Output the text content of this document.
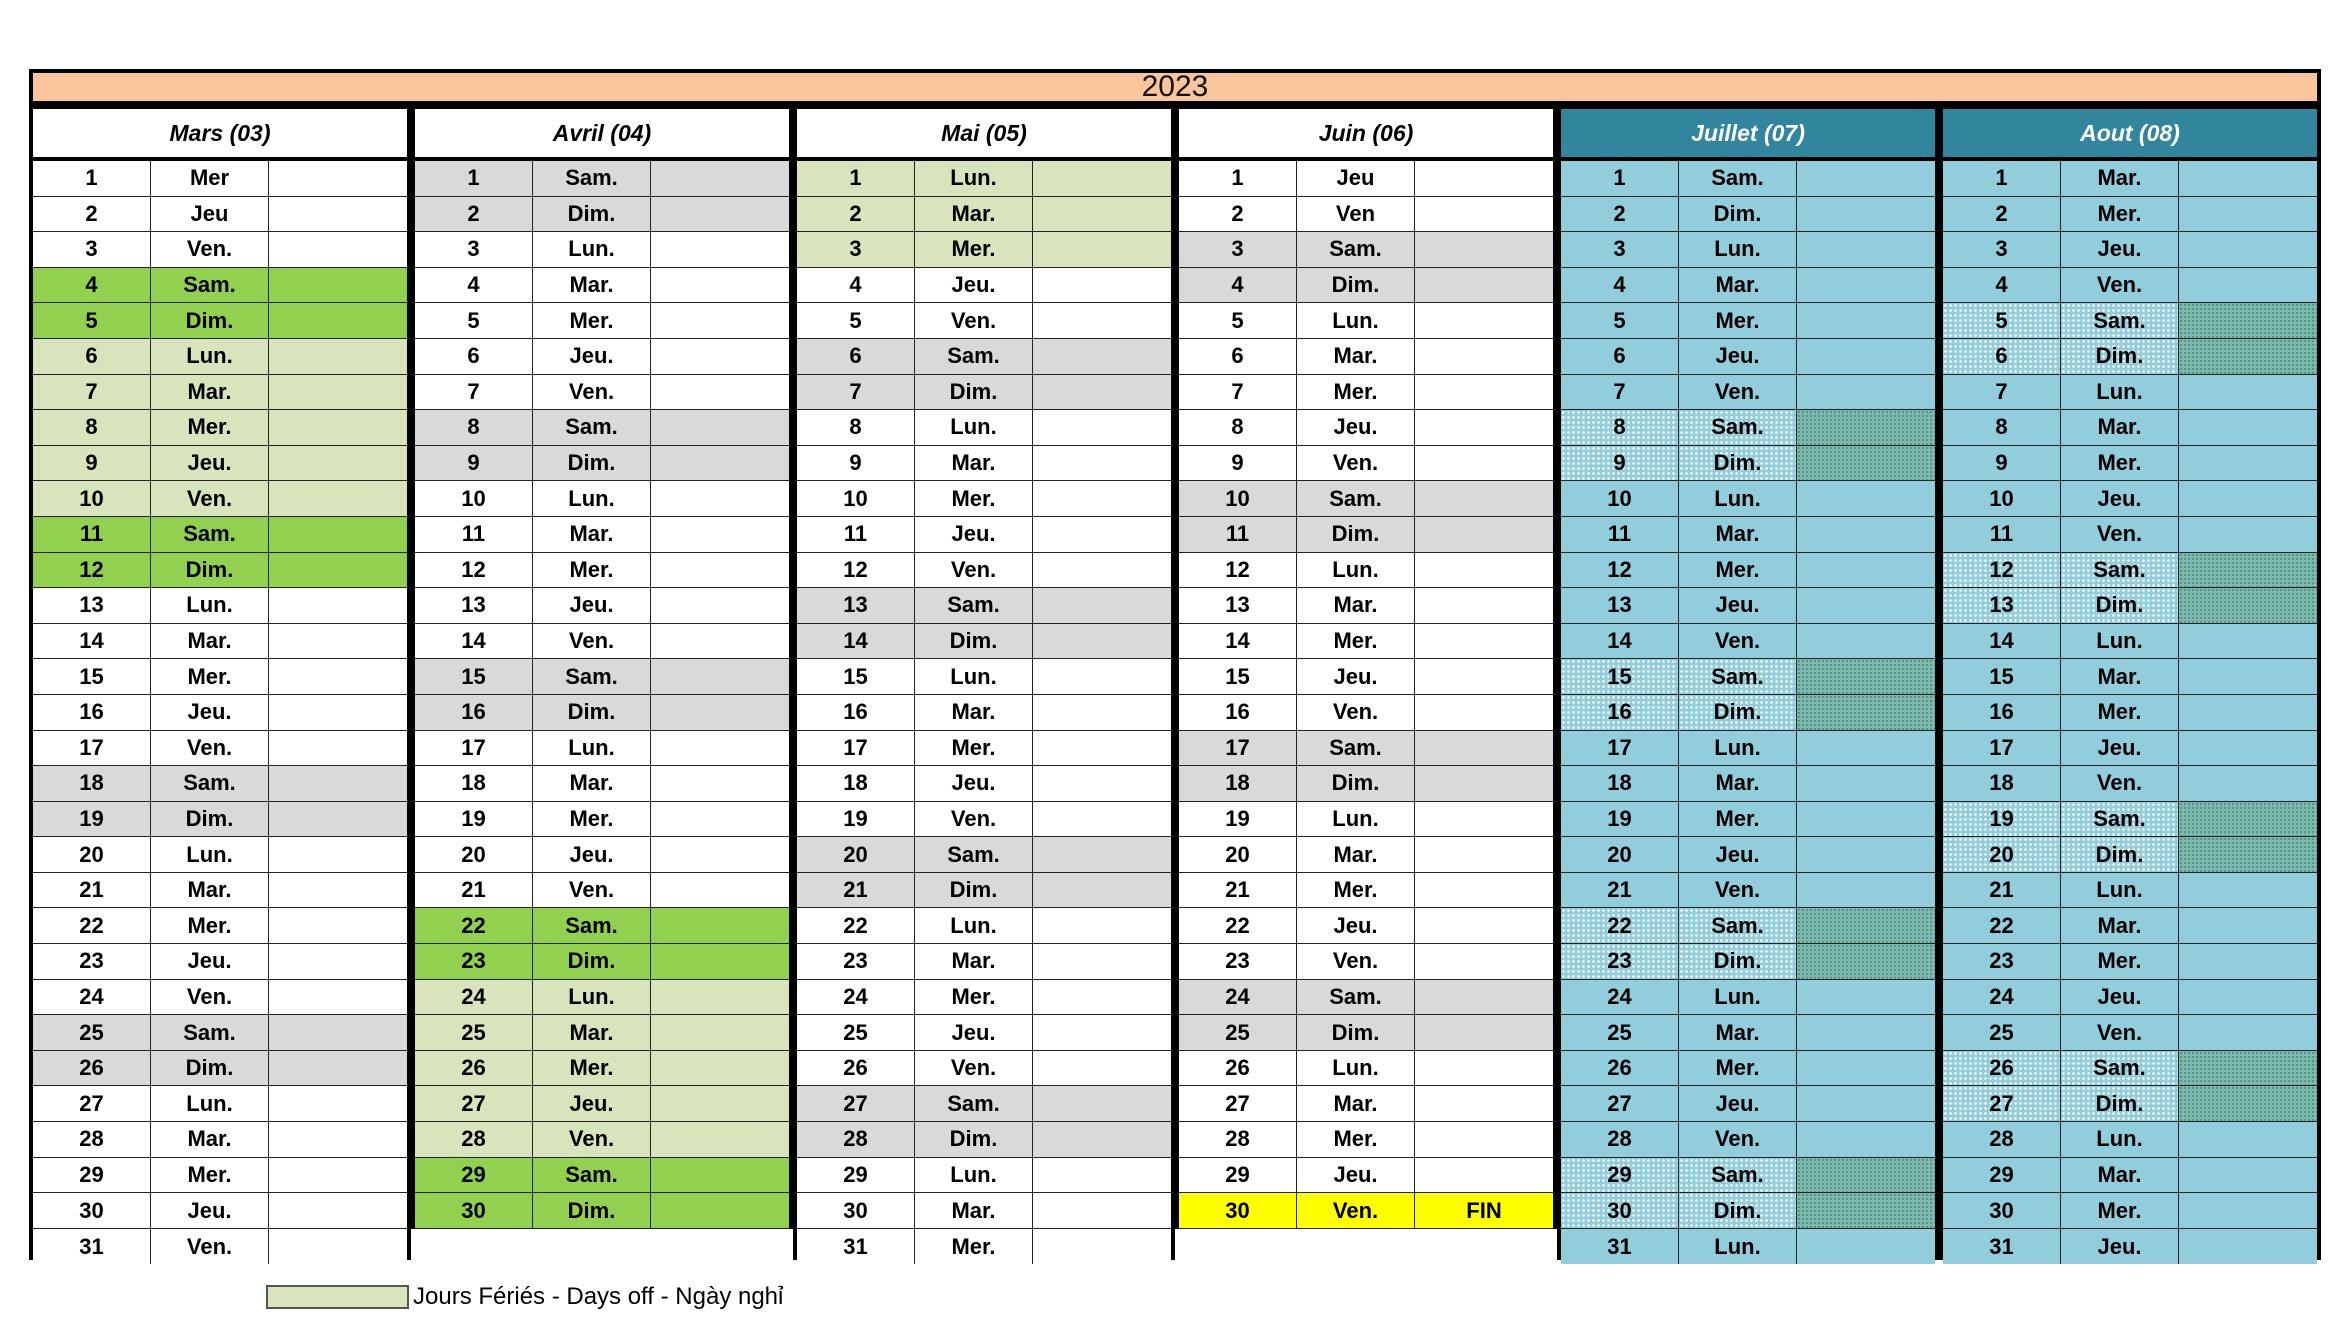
2023
Mars (03)
1	Mer
2	Jeu
3	Ven.
4	Sam.
5	Dim.
6	Lun.
7	Mar.
8	Mer.
9	Jeu.
10	Ven.
11	Sam.
12	Dim.
13	Lun.
14	Mar.
15	Mer.
16	Jeu.
17	Ven.
18	Sam.
19	Dim.
20	Lun.
21	Mar.
22	Mer.
23	Jeu.
24	Ven.
25	Sam.
26	Dim.
27	Lun.
28	Mar.
29	Mer.
30	Jeu.
31	Ven.
Avril (04)
1	Sam.
2	Dim.
3	Lun.
4	Mar.
5	Mer.
6	Jeu.
7	Ven.
8	Sam.
9	Dim.
10	Lun.
11	Mar.
12	Mer.
13	Jeu.
14	Ven.
15	Sam.
16	Dim.
17	Lun.
18	Mar.
19	Mer.
20	Jeu.
21	Ven.
22	Sam.
23	Dim.
24	Lun.
25	Mar.
26	Mer.
27	Jeu.
28	Ven.
29	Sam.
30	Dim.
Mai (05)
1	Lun.
2	Mar.
3	Mer.
4	Jeu.
5	Ven.
6	Sam.
7	Dim.
8	Lun.
9	Mar.
10	Mer.
11	Jeu.
12	Ven.
13	Sam.
14	Dim.
15	Lun.
16	Mar.
17	Mer.
18	Jeu.
19	Ven.
20	Sam.
21	Dim.
22	Lun.
23	Mar.
24	Mer.
25	Jeu.
26	Ven.
27	Sam.
28	Dim.
29	Lun.
30	Mar.
31	Mer.
Juin (06)
1	Jeu
2	Ven
3	Sam.
4	Dim.
5	Lun.
6	Mar.
7	Mer.
8	Jeu.
9	Ven.
10	Sam.
11	Dim.
12	Lun.
13	Mar.
14	Mer.
15	Jeu.
16	Ven.
17	Sam.
18	Dim.
19	Lun.
20	Mar.
21	Mer.
22	Jeu.
23	Ven.
24	Sam.
25	Dim.
26	Lun.
27	Mar.
28	Mer.
29	Jeu.
30	Ven.	FIN
Juillet (07)
1	Sam.
2	Dim.
3	Lun.
4	Mar.
5	Mer.
6	Jeu.
7	Ven.
8	Sam.
9	Dim.
10	Lun.
11	Mar.
12	Mer.
13	Jeu.
14	Ven.
15	Sam.
16	Dim.
17	Lun.
18	Mar.
19	Mer.
20	Jeu.
21	Ven.
22	Sam.
23	Dim.
24	Lun.
25	Mar.
26	Mer.
27	Jeu.
28	Ven.
29	Sam.
30	Dim.
31	Lun.
Aout (08)
1	Mar.
2	Mer.
3	Jeu.
4	Ven.
5	Sam.
6	Dim.
7	Lun.
8	Mar.
9	Mer.
10	Jeu.
11	Ven.
12	Sam.
13	Dim.
14	Lun.
15	Mar.
16	Mer.
17	Jeu.
18	Ven.
19	Sam.
20	Dim.
21	Lun.
22	Mar.
23	Mer.
24	Jeu.
25	Ven.
26	Sam.
27	Dim.
28	Lun.
29	Mar.
30	Mer.
31	Jeu.
Jours Fériés - Days off - Ngày nghỉ
